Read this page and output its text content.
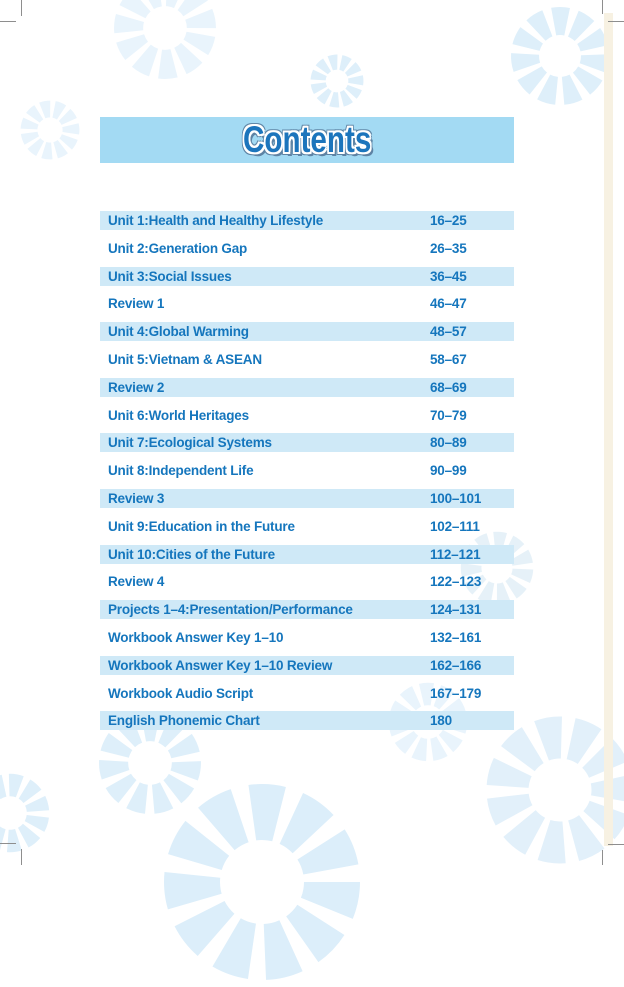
Contents
Unit 1:Health and Healthy Lifestyle	16–25
Unit 2:Generation Gap	26–35
Unit 3:Social Issues	36–45
Review 1	46–47
Unit 4:Global Warming	48–57
Unit 5:Vietnam & ASEAN	58–67
Review 2	68–69
Unit 6:World Heritages	70–79
Unit 7:Ecological Systems	80–89
Unit 8:Independent Life	90–99
Review 3	100–101
Unit 9:Education in the Future	102–111
Unit 10:Cities of the Future	112–121
Review 4	122–123
Projects 1–4:Presentation/Performance	124–131
Workbook Answer Key 1–10	132–161
Workbook Answer Key 1–10 Review	162–166
Workbook Audio Script	167–179
English Phonemic Chart	180
